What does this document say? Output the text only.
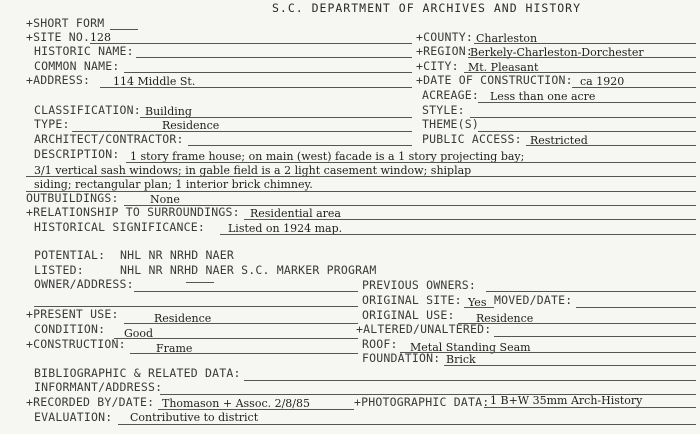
S.C. DEPARTMENT OF ARCHIVES AND HISTORY
+SHORT FORM
+SITE NO. 128
HISTORIC NAME:
COMMON NAME:
+ADDRESS: 114 Middle St.
CLASSIFICATION: Building
TYPE:	Residence
ARCHITECT/CONTRACTOR:
+COUNTY: Charleston
+REGION:
Berkely-Charleston-Dorchester
+CITY: Mt. Pleasant
+DATE OF CONSTRUCTION: ca 1920
ACREAGE: Less than one acre
STYLE:
THEME(S)
PUBLIC ACCESS: Restricted
DESCRIPTION: 1 story frame house; on main (west) facade is a 1 story projecting bay;
3/1 vertical sash windows; in gable field is a 2 light casement window; shiplap
siding; rectangular plan; 1 interior brick chimney.
OUTBUILDINGS:	None
+RELATIONSHIP TO SURROUNDINGS: Residential area
HISTORICAL SIGNIFICANCE: Listed on 1924 map.
POTENTIAL: NHL NR NRHD NAER
LISTED:	NHL NR NRHD NAER S.C. MARKER PROGRAM
OWNER/ADDRESS:	PREVIOUS OWNERS:
ORIGINAL SITE: Yes MOVED/DATE:
+PRESENT USE:	Residence	ORIGINAL USE: Residence
CONDITION: Good	+ALTERED/UNALTERED:
+CONSTRUCTION:	Frame	ROOF: Metal Standing Seam
FOUNDATION: Brick
BIBLIOGRAPHIC & RELATED DATA:
INFORMANT/ADDRESS:
+RECORDED BY/DATE: Thomason + Assoc. 2/8/85	+PHOTOGRAPHIC DATA: 1 B+W 35mm Arch-History
EVALUATION: Contributive to district
